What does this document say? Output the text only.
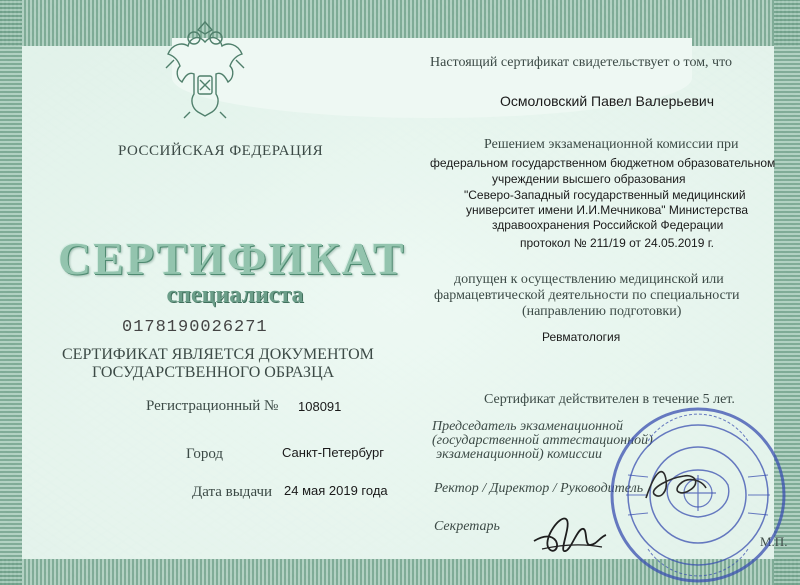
РОССИЙСКАЯ ФЕДЕРАЦИЯ
СЕРТИФИКАТ
специалиста
0178190026271
СЕРТИФИКАТ ЯВЛЯЕТСЯ ДОКУМЕНТОМ
ГОСУДАРСТВЕННОГО ОБРАЗЦА
Регистрационный № 108091
Город	Санкт-Петербург
Дата выдачи 24 мая 2019 года
Настоящий сертификат свидетельствует о том, что
Осмоловский Павел Валерьевич
Решением экзаменационной комиссии при
федеральном государственном бюджетном образовательном
учреждении высшего образования
"Северо-Западный государственный медицинский
университет имени И.И.Мечникова" Министерства
здравоохранения Российской Федерации
протокол № 211/19 от 24.05.2019 г.
допущен к осуществлению медицинской или
фармацевтической деятельности по специальности
(направлению подготовки)
Ревматология
Сертификат действителен в течение 5 лет.
Председатель экзаменационной
(государственной аттестационной)
экзаменационной) комиссии
Ректор / Директор / Руководитель
Секретарь
М.П.
